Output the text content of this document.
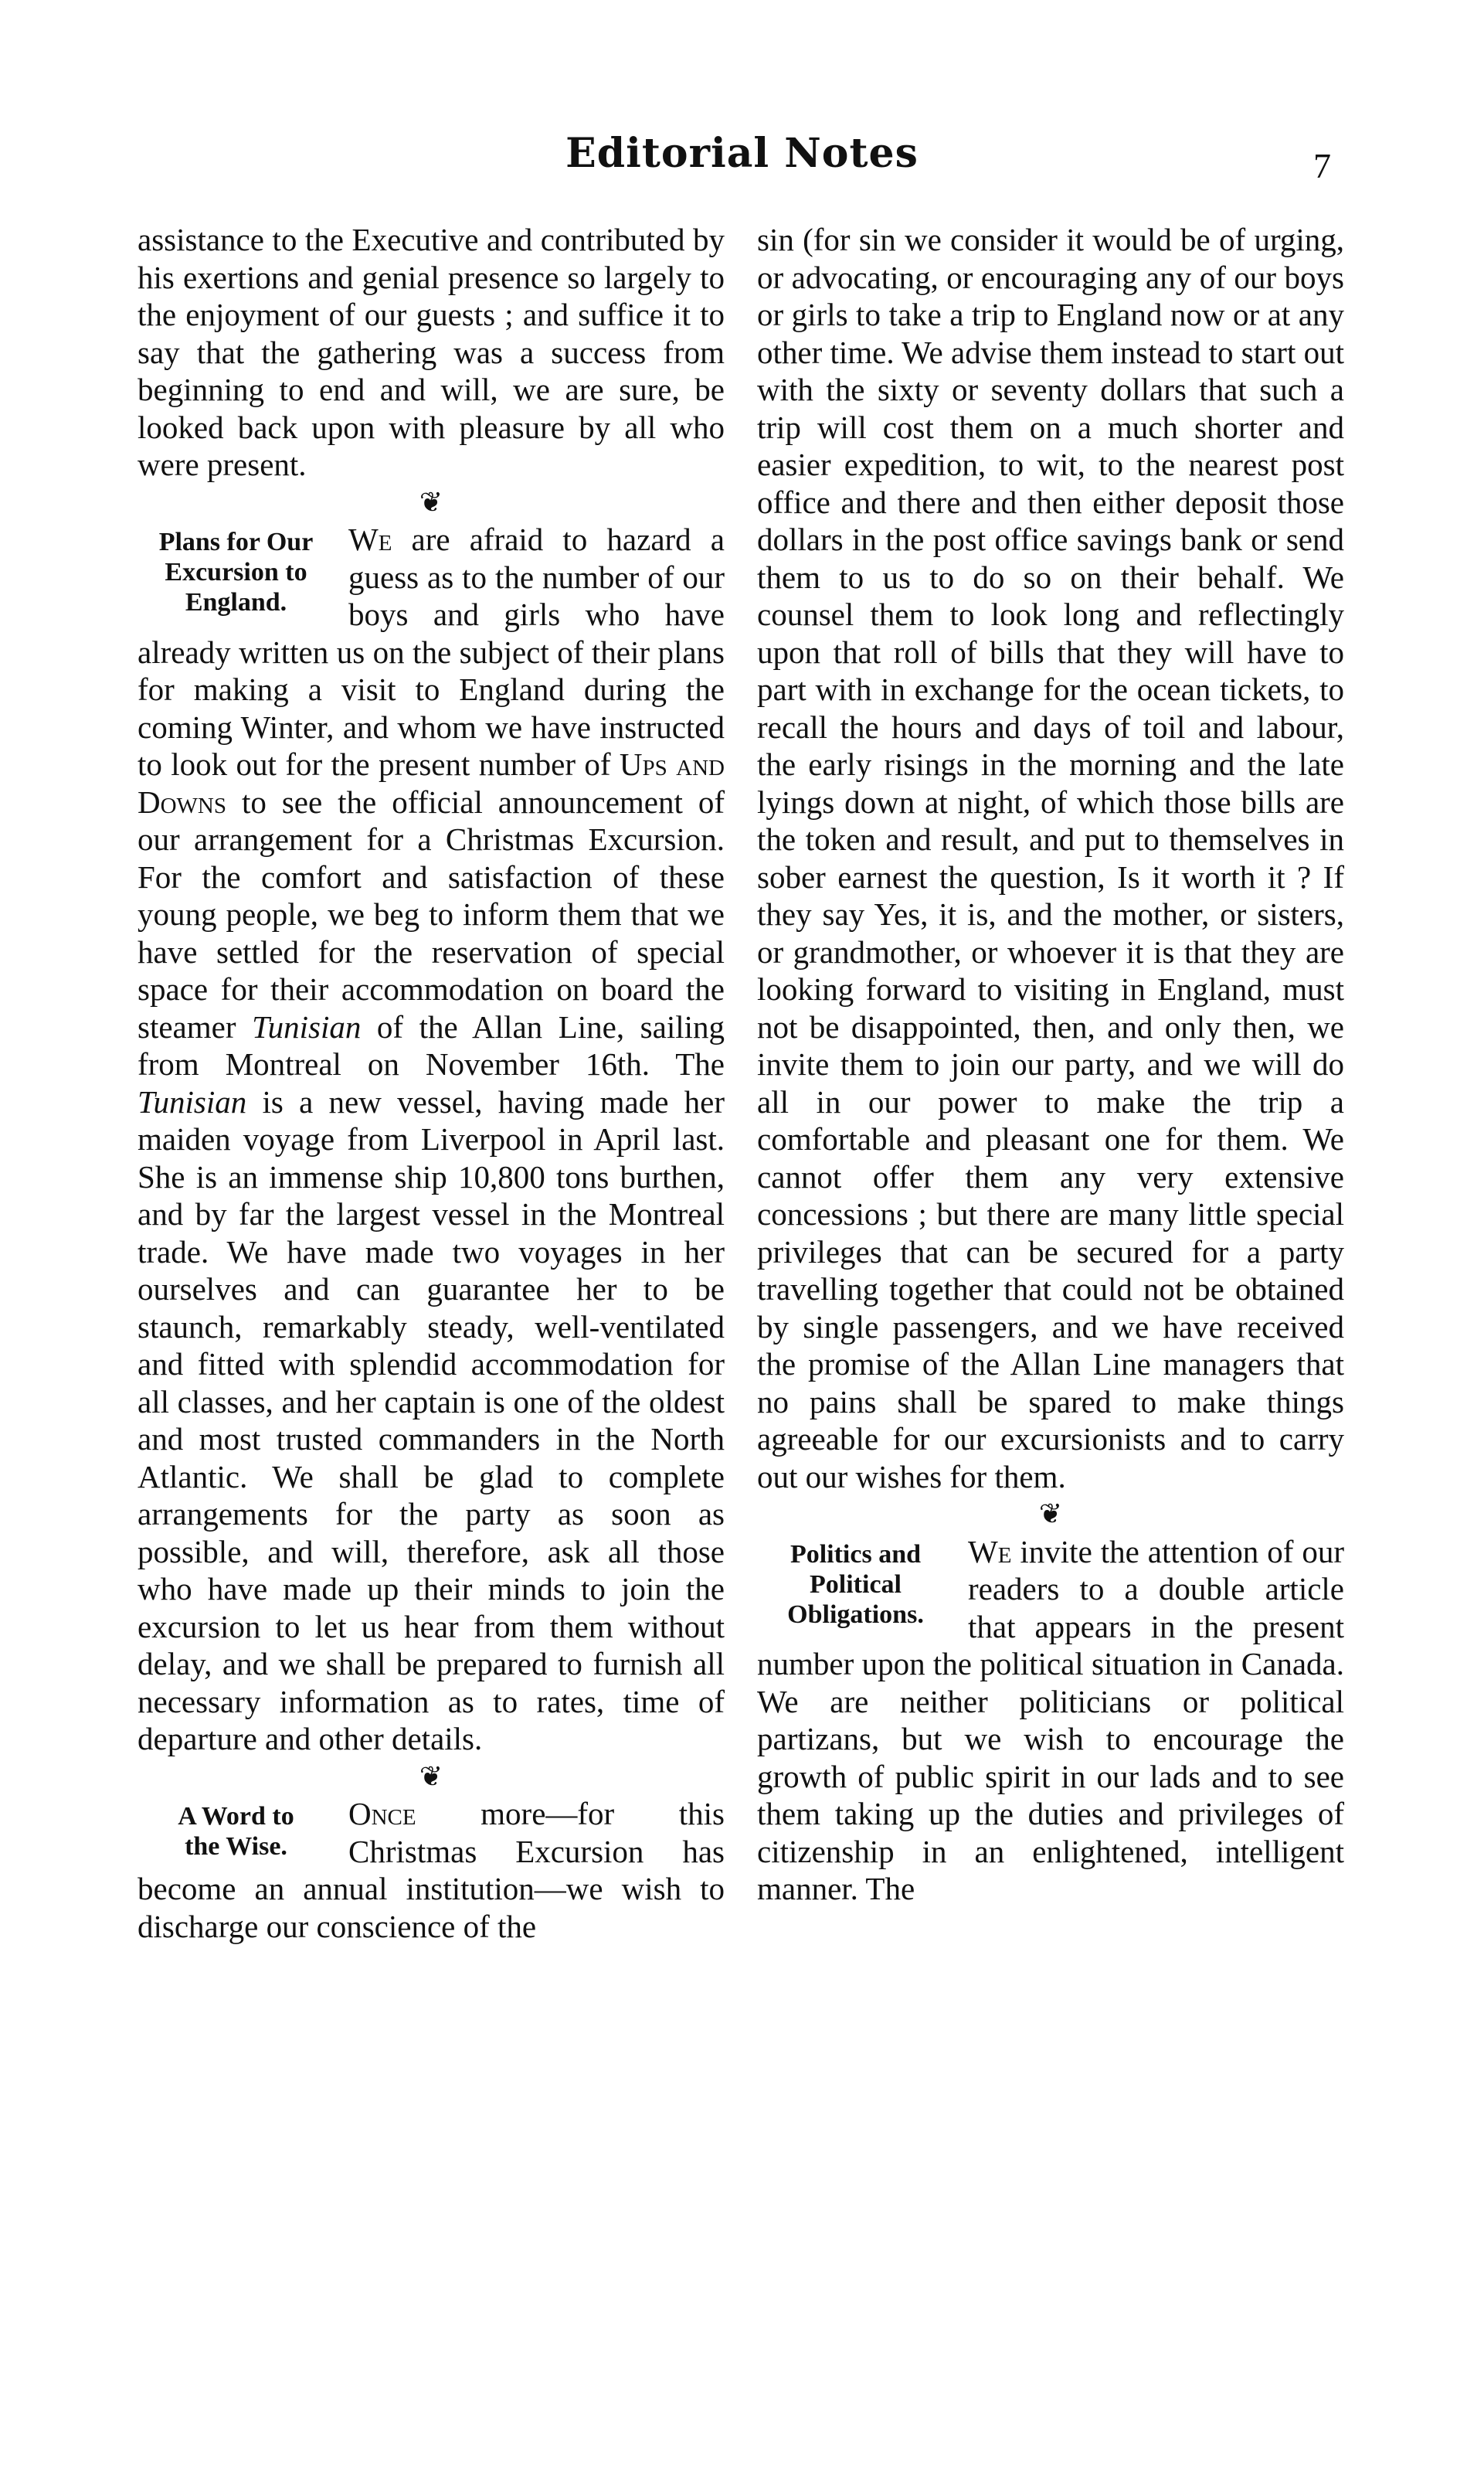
Editorial Notes	7

assistance to the Executive and contributed by his exertions and genial presence so largely to the enjoyment of our guests ; and suffice it to say that the gathering was a success from beginning to end and will, we are sure, be looked back upon with pleasure by all who were present.

❦
Plans for Our
Excursion to
England.

We are afraid to hazard a guess as to the number of our boys and girls who have already written us on the subject of their plans for making a visit to England during the coming Winter, and whom we have instructed to look out for the present number of Ups and Downs to see the official announcement of our arrangement for a Christmas Excursion. For the comfort and satisfaction of these young people, we beg to inform them that we have settled for the reservation of special space for their accommodation on board the steamer Tunisian of the Allan Line, sailing from Montreal on November 16th. The Tunisian is a new vessel, having made her maiden voyage from Liverpool in April last. She is an immense ship 10,800 tons burthen, and by far the largest vessel in the Montreal trade. We have made two voyages in her ourselves and can guarantee her to be staunch, remarkably steady, well-ventilated and fitted with splendid accommodation for all classes, and her captain is one of the oldest and most trusted commanders in the North Atlantic. We shall be glad to complete arrangements for the party as soon as possible, and will, therefore, ask all those who have made up their minds to join the excursion to let us hear from them without delay, and we shall be prepared to furnish all necessary information as to rates, time of departure and other details.

❦
A Word to
the Wise.

Once more—for this Christmas Excursion has become an annual institution—we wish to discharge our conscience of the

sin (for sin we consider it would be of urging, or advocating, or encouraging any of our boys or girls to take a trip to England now or at any other time. We advise them instead to start out with the sixty or seventy dollars that such a trip will cost them on a much shorter and easier expedition, to wit, to the nearest post office and there and then either deposit those dollars in the post office savings bank or send them to us to do so on their behalf. We counsel them to look long and reflectingly upon that roll of bills that they will have to part with in exchange for the ocean tickets, to recall the hours and days of toil and labour, the early risings in the morning and the late lyings down at night, of which those bills are the token and result, and put to themselves in sober earnest the question, Is it worth it ? If they say Yes, it is, and the mother, or sisters, or grandmother, or whoever it is that they are looking forward to visiting in England, must not be disappointed, then, and only then, we invite them to join our party, and we will do all in our power to make the trip a comfortable and pleasant one for them. We cannot offer them any very extensive concessions ; but there are many little special privileges that can be secured for a party travelling together that could not be obtained by single passengers, and we have received the promise of the Allan Line managers that no pains shall be spared to make things agreeable for our excursionists and to carry out our wishes for them.

❦
Politics and
Political
Obligations.

We invite the attention of our readers to a double article that appears in the present number upon the political situation in Canada. We are neither politicians or political partizans, but we wish to encourage the growth of public spirit in our lads and to see them taking up the duties and privileges of citizenship in an enlightened, intelligent manner. The
